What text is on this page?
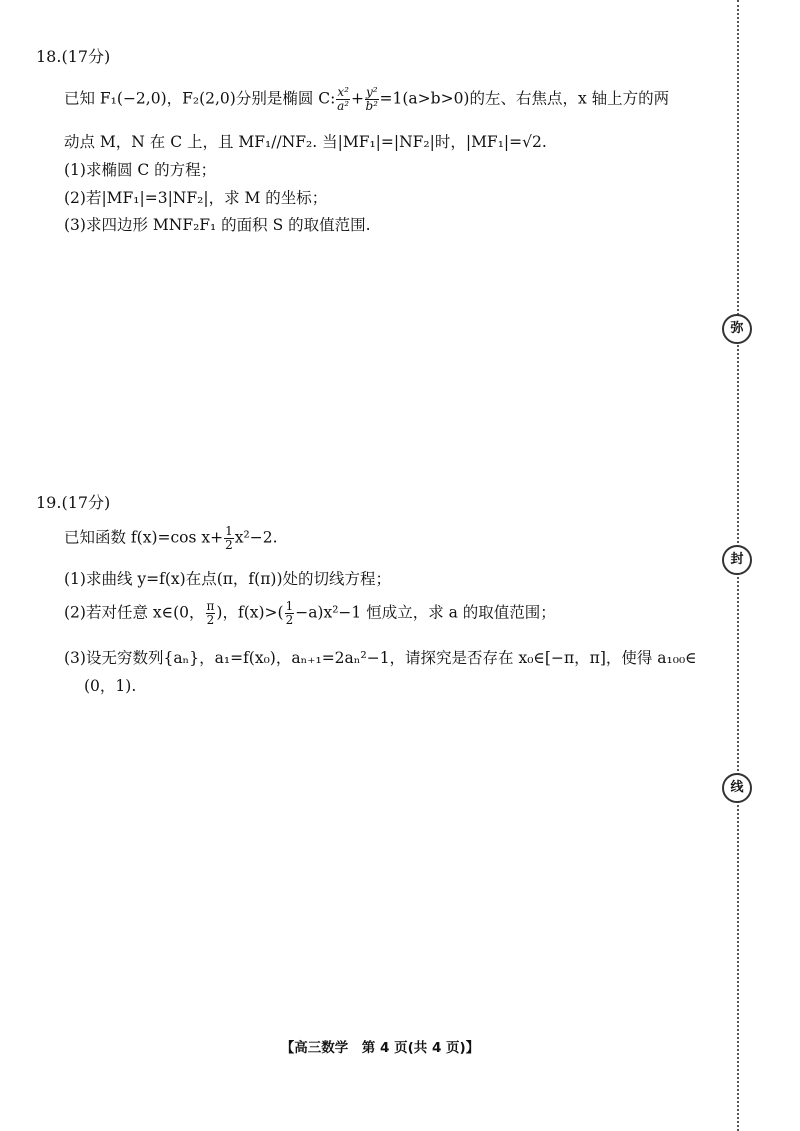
弥
封
线
18.(17分)
已知 F₁(−2,0)，F₂(2,0)分别是椭圆 C: $\frac{\text{x²}}{\text{a²}} + \frac{\text{y²}}{\text{b²}} =1(a>b>0)$的左、右焦点，x 轴上方的两
动点 M，N 在 C 上，且 MF₁//NF₂. 当|MF₁|=|NF₂|时，|MF₁|=√2.
(1)求椭圆 C 的方程；
(2)若|MF₁|=3|NF₂|，求 M 的坐标；
(3)求四边形 MNF₂F₁ 的面积 S 的取值范围.
19.(17分)
已知函数 f(x)=cos $x+ \frac{1}{2} x^2-2$.
(1)求曲线 y=f(x)在点(π，f(π))处的切线方程；
(2)若对任意 x∈(0， $\frac{\pi}{2}$ )，$f(x)>( \frac{1}{2} -a)x^2-1$ 恒成立，求 a 的取值范围；
(3)设无穷数列{aₙ}，a₁=f(x₀)，aₙ₊₁=2aₙ²−1，请探究是否存在 x₀∈[−π，π]，使得 a₁₀₀∈
(0，1).
【高三数学　第 4 页(共 4 页)】
